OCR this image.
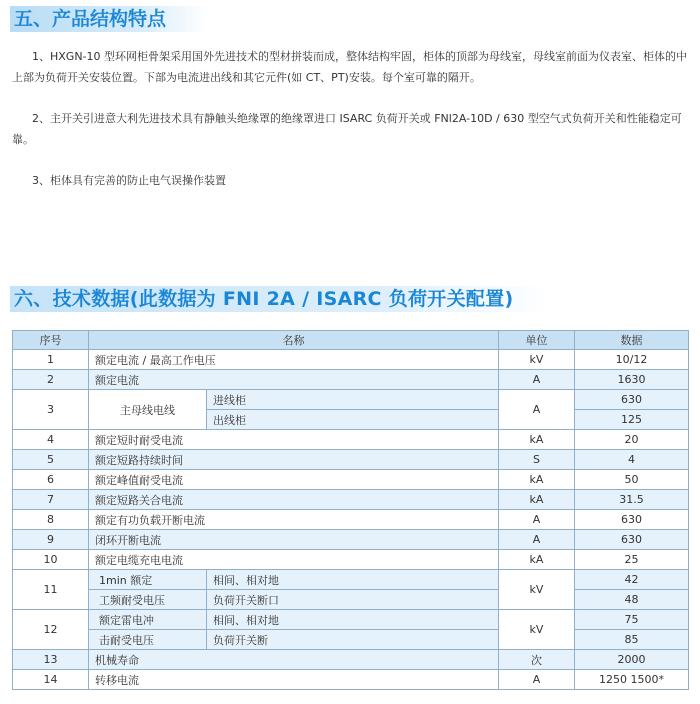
五、产品结构特点

1、HXGN-10 型环网柜骨架采用国外先进技术的型材拼装而成，整体结构牢固，柜体的顶部为母线室，母线室前面为仪表室、柜体的中上部为负荷开关安装位置。下部为电流进出线和其它元件(如 CT、PT)安装。每个室可靠的隔开。

2、主开关引进意大利先进技术具有静触头绝缘罩的绝缘罩进口 ISARC 负荷开关或 FNl2A-10D / 630 型空气式负荷开关和性能稳定可靠。

3、柜体具有完善的防止电气误操作装置

六、技术数据(此数据为 FNI 2A / ISARC 负荷开关配置)
序号	名称		单位	数据
1	额定电流 / 最高工作电压		kV	10/12
2	额定电流		A	1630
3	主母线电线	进线柜	A	630
		出线柜		125
4	额定短时耐受电流		kA	20
5	额定短路持续时间		S	4
6	额定峰值耐受电流		kA	50
7	额定短路关合电流		kA	31.5
8	额定有功负载开断电流		A	630
9	闭环开断电流		A	630
10	额定电缆充电电流		kA	25
11	1min 额定	相间、相对地	kV	42
	工频耐受电压	负荷开关断口		48
12	额定雷电冲	相间、相对地	kV	75
	击耐受电压	负荷开关断		85
13	机械寿命		次	2000
14	转移电流		A	1250 1500*
